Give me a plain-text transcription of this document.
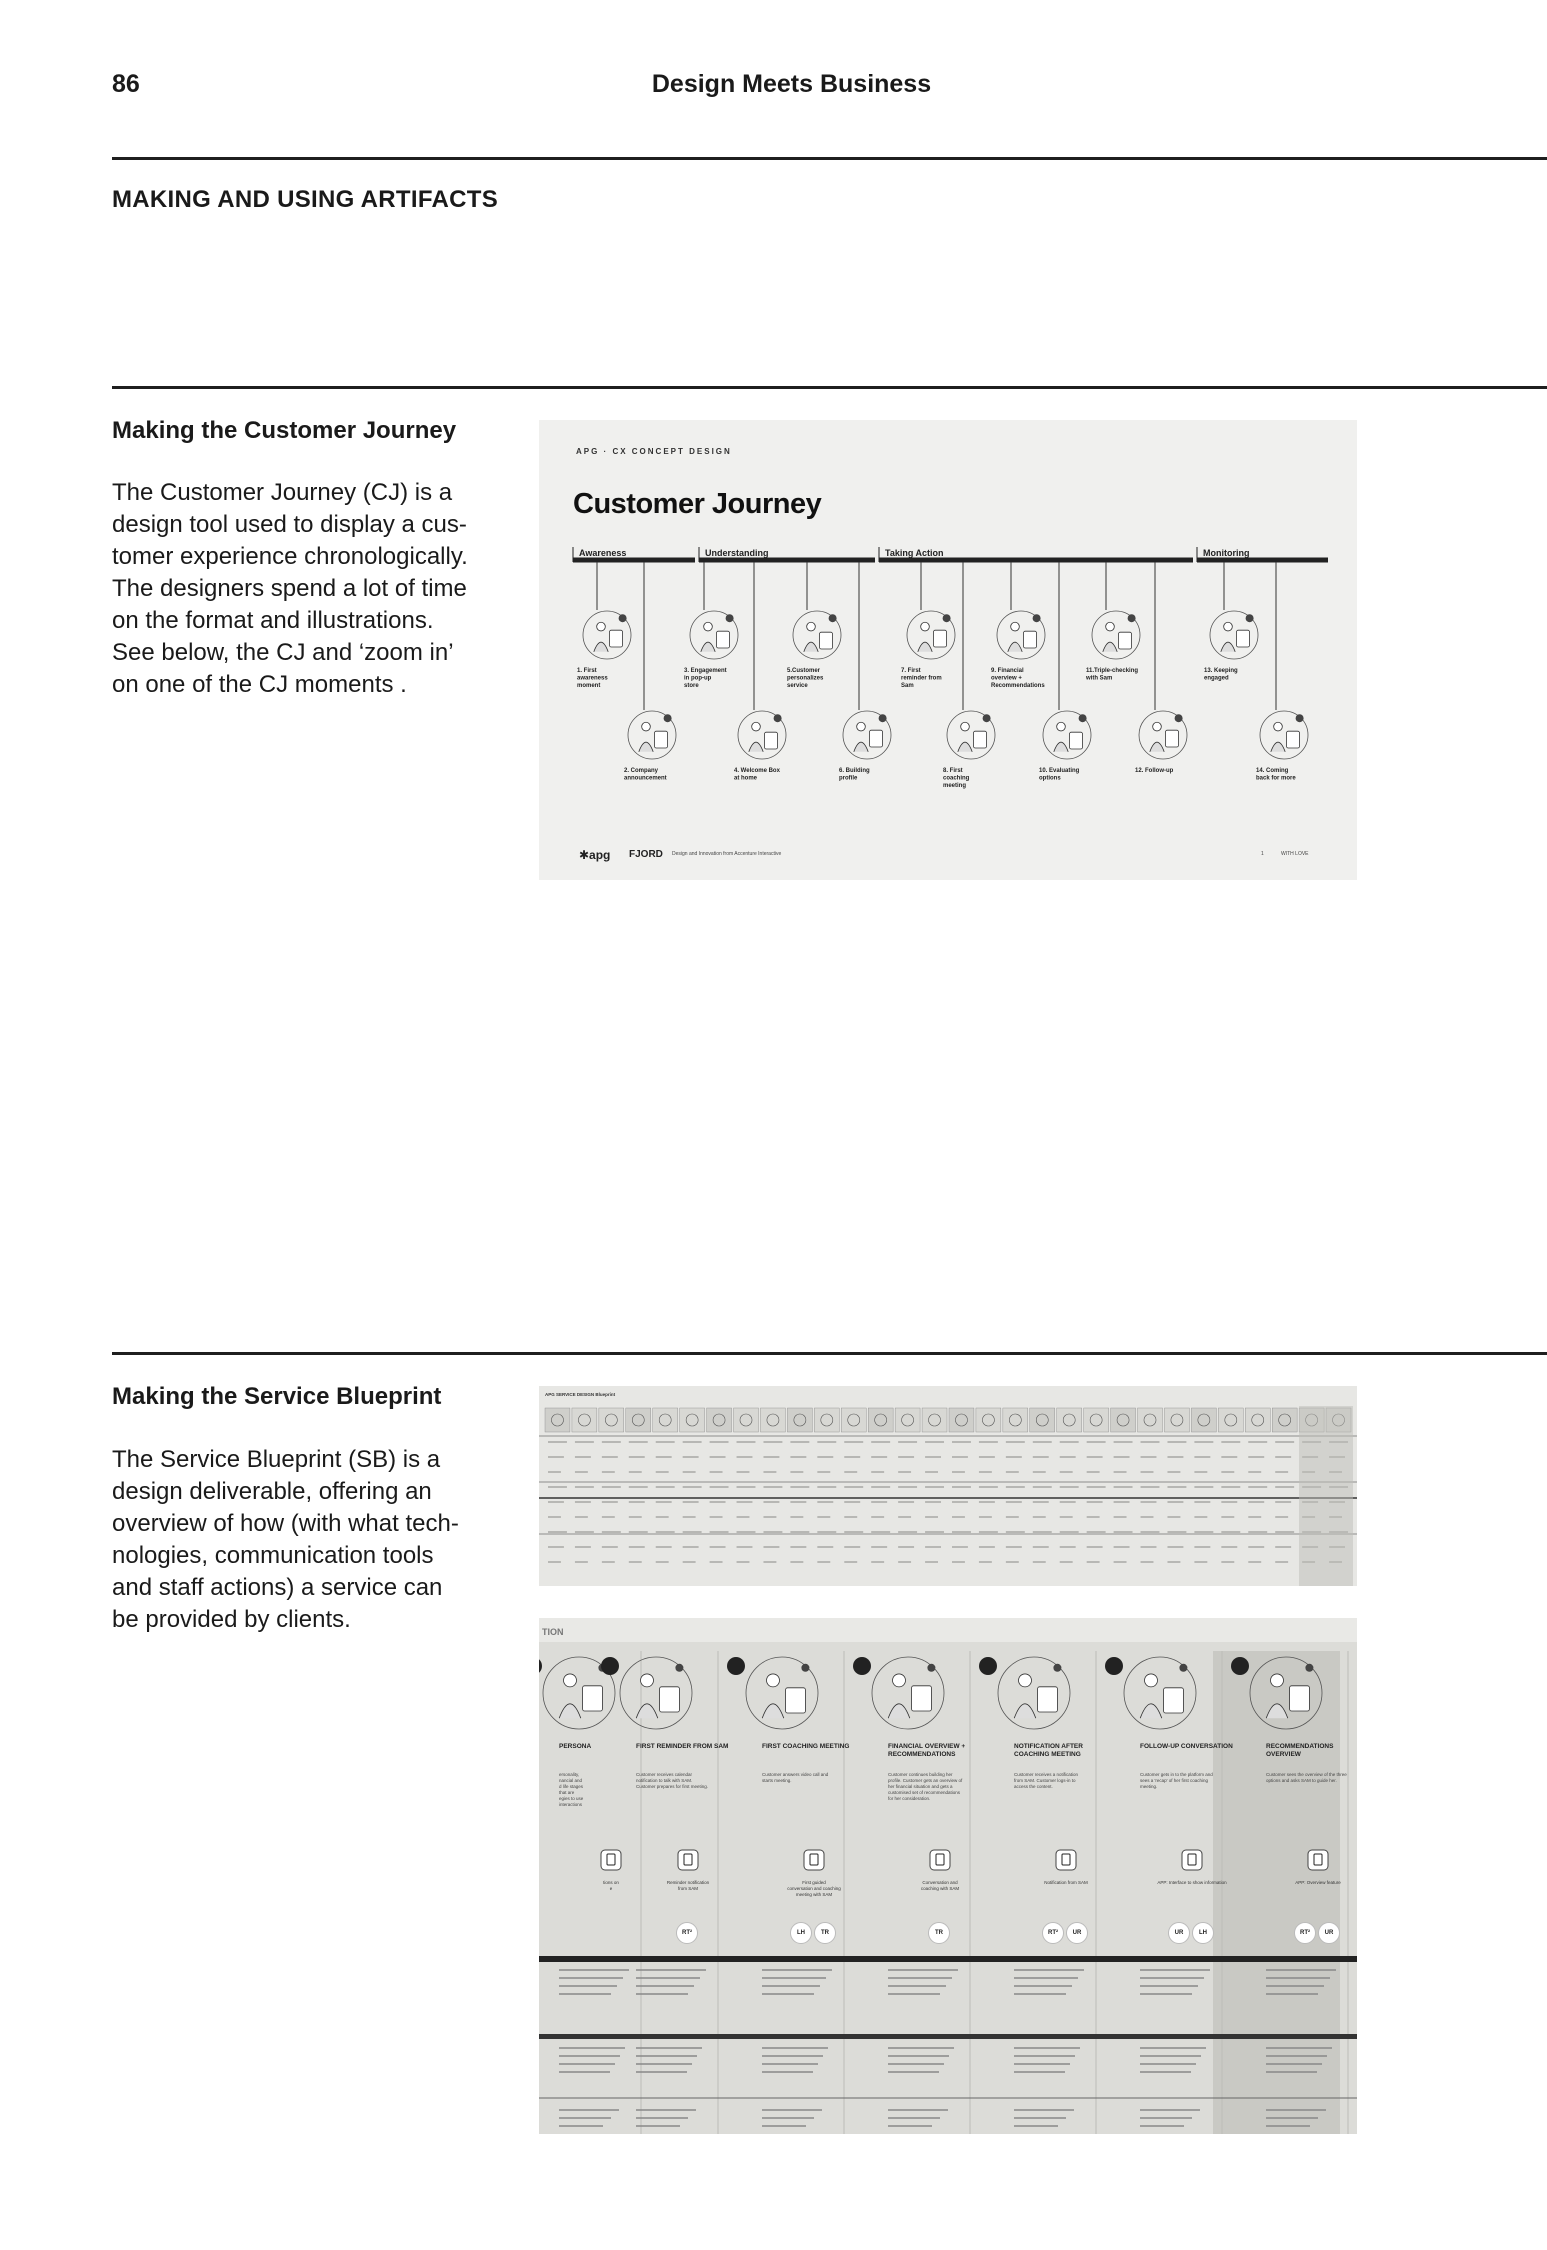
86	Design Meets Business
MAKING AND USING ARTIFACTS
Making the Customer Journey

The Customer Journey (CJ) is a

design tool used to display a cus-

tomer experience chronologically.

The designers spend a lot of time

on the format and illustrations.

See below, the CJ and ‘zoom in’

on one of the CJ moments .

APG · CX CONCEPT DESIGN
Customer Journey
Awareness	Understanding	Taking Action	Monitoring
1. First awareness moment
3. Engagement in pop-up store
5.Customer personalizes service
7. First reminder from Sam
9. Financial overview + Recommendations
11.Triple-checking with Sam
13. Keeping engaged
2. Company announcement
4. Welcome Box at home
6. Building profile
8. First coaching meeting
10. Evaluating options
12. Follow-up	14. Coming back for more
✱apg FJORD Design and Innovation from Accenture Interactive	1	WITH LOVE
Making the Service Blueprint

The Service Blueprint (SB) is a

design deliverable, offering an

overview of how (with what tech-

nologies, communication tools

and staff actions) a service can

be provided by clients.

APG SERVICE DESIGN Blueprint
TION
PERSONA
ersonality,
nancial and
d life stages
that are
egies to use
interactions
tions on
e
FIRST REMINDER FROM SAM
Customer receives calendar
notification to talk with SAM.
Customer prepares for first meeting.
Reminder notification
from SAM
RT²
FIRST COACHING MEETING
Customer answers video call and
starts meeting.
First guided
conversation and coaching
meeting with SAM
LH	TR
FINANCIAL OVERVIEW +
RECOMMENDATIONS
Customer continues building her
profile. Customer gets an overview of
her financial situation and gets a
customised set of recommendations
for her consideration.
Conversation and
coaching with SAM
TR
NOTIFICATION AFTER
COACHING MEETING
Customer receives a notification
from SAM. Customer logs-in to
access the content.
Notification from SAM
RT²	UR
FOLLOW-UP CONVERSATION
Customer gets in to the platform and
sees a 'recap' of her first coaching
meeting.
APP: Interface to show information
UR	LH
RECOMMENDATIONS
OVERVIEW
Customer sees the overview of the three
options and asks SAM to guide her.
APP: Overview feature
RT²	UR
